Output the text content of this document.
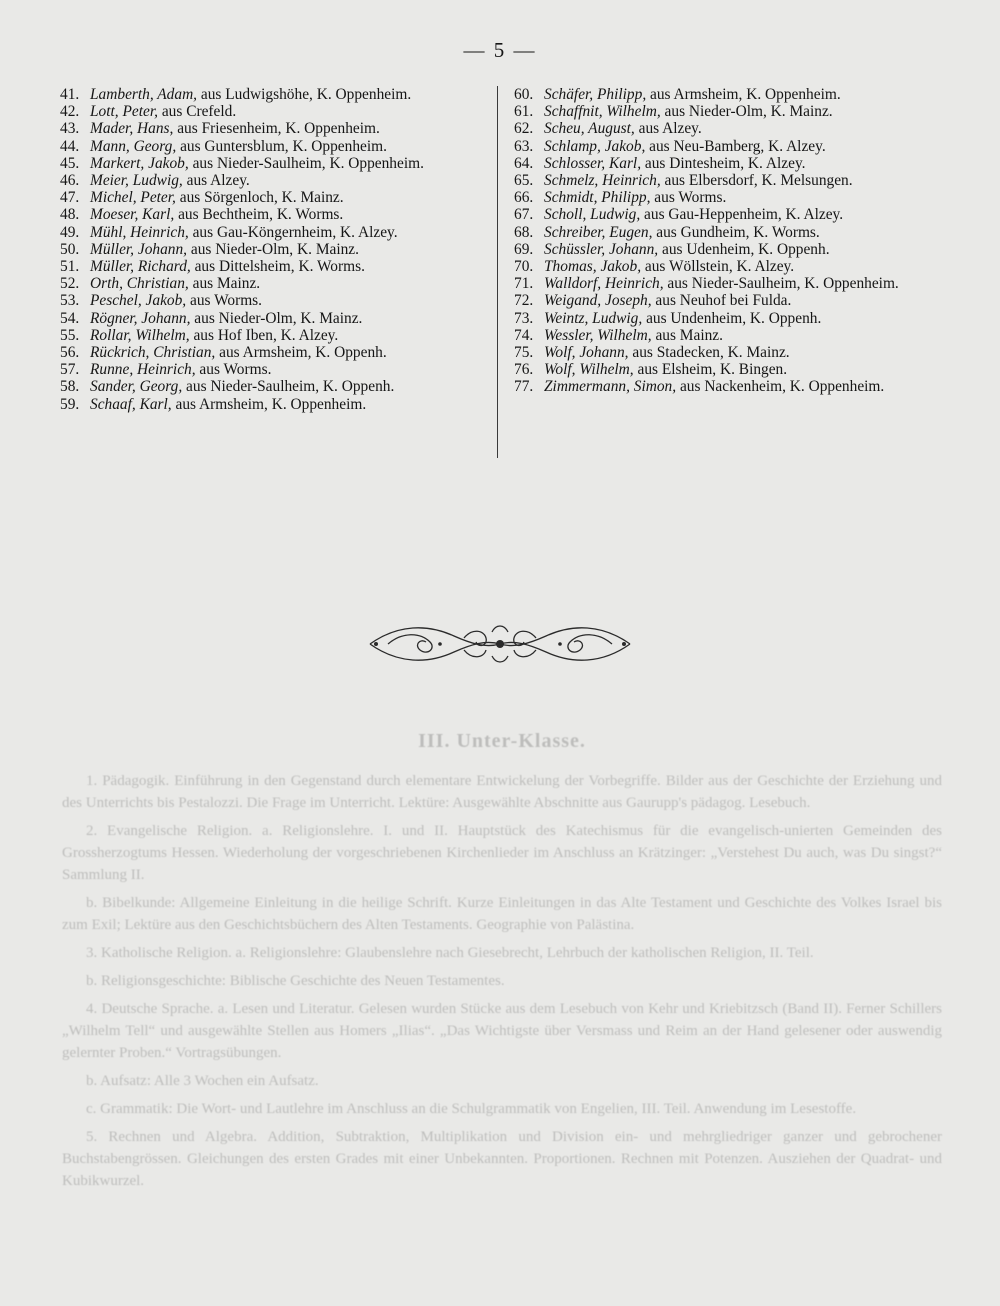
— 5 —
41. Lamberth, Adam, aus Ludwigshöhe, K. Oppenheim.
42. Lott, Peter, aus Crefeld.
43. Mader, Hans, aus Friesenheim, K. Oppenheim.
44. Mann, Georg, aus Guntersblum, K. Oppenheim.
45. Markert, Jakob, aus Nieder-Saulheim, K. Oppenheim.
46. Meier, Ludwig, aus Alzey.
47. Michel, Peter, aus Sörgenloch, K. Mainz.
48. Moeser, Karl, aus Bechtheim, K. Worms.
49. Mühl, Heinrich, aus Gau-Köngernheim, K. Alzey.
50. Müller, Johann, aus Nieder-Olm, K. Mainz.
51. Müller, Richard, aus Dittelsheim, K. Worms.
52. Orth, Christian, aus Mainz.
53. Peschel, Jakob, aus Worms.
54. Rögner, Johann, aus Nieder-Olm, K. Mainz.
55. Rollar, Wilhelm, aus Hof Iben, K. Alzey.
56. Rückrich, Christian, aus Armsheim, K. Oppenh.
57. Runne, Heinrich, aus Worms.
58. Sander, Georg, aus Nieder-Saulheim, K. Oppenh.
59. Schaaf, Karl, aus Armsheim, K. Oppenheim.
60. Schäfer, Philipp, aus Armsheim, K. Oppenheim.
61. Schaffnit, Wilhelm, aus Nieder-Olm, K. Mainz.
62. Scheu, August, aus Alzey.
63. Schlamp, Jakob, aus Neu-Bamberg, K. Alzey.
64. Schlosser, Karl, aus Dintesheim, K. Alzey.
65. Schmelz, Heinrich, aus Elbersdorf, K. Melsungen.
66. Schmidt, Philipp, aus Worms.
67. Scholl, Ludwig, aus Gau-Heppenheim, K. Alzey.
68. Schreiber, Eugen, aus Gundheim, K. Worms.
69. Schüssler, Johann, aus Udenheim, K. Oppenh.
70. Thomas, Jakob, aus Wöllstein, K. Alzey.
71. Walldorf, Heinrich, aus Nieder-Saulheim, K. Oppenheim.
72. Weigand, Joseph, aus Neuhof bei Fulda.
73. Weintz, Ludwig, aus Undenheim, K. Oppenh.
74. Wessler, Wilhelm, aus Mainz.
75. Wolf, Johann, aus Stadecken, K. Mainz.
76. Wolf, Wilhelm, aus Elsheim, K. Bingen.
77. Zimmermann, Simon, aus Nackenheim, K. Oppenheim.
III. Unter-Klasse.

1. Pädagogik. Einführung in den Gegenstand durch elementare Entwickelung der Vorbegriffe. Bilder aus der Geschichte der Erziehung und des Unterrichts bis Pestalozzi. Die Frage im Unterricht. Lektüre: Ausgewählte Abschnitte aus Gaurupp's pädagog. Lesebuch.

2. Evangelische Religion. a. Religionslehre. I. und II. Hauptstück des Katechismus für die evangelisch-unierten Gemeinden des Grossherzogtums Hessen. Wiederholung der vorgeschriebenen Kirchenlieder im Anschluss an Krätzinger: „Verstehest Du auch, was Du singst?“ Sammlung II.

b. Bibelkunde: Allgemeine Einleitung in die heilige Schrift. Kurze Einleitungen in das Alte Testament und Geschichte des Volkes Israel bis zum Exil; Lektüre aus den Geschichtsbüchern des Alten Testaments. Geographie von Palästina.

3. Katholische Religion. a. Religionslehre: Glaubenslehre nach Giesebrecht, Lehrbuch der katholischen Religion, II. Teil.

b. Religionsgeschichte: Biblische Geschichte des Neuen Testamentes.

4. Deutsche Sprache. a. Lesen und Literatur. Gelesen wurden Stücke aus dem Lesebuch von Kehr und Kriebitzsch (Band II). Ferner Schillers „Wilhelm Tell“ und ausgewählte Stellen aus Homers „Ilias“. „Das Wichtigste über Versmass und Reim an der Hand gelesener oder auswendig gelernter Proben.“ Vortragsübungen.

b. Aufsatz: Alle 3 Wochen ein Aufsatz.

c. Grammatik: Die Wort- und Lautlehre im Anschluss an die Schulgrammatik von Engelien, III. Teil. Anwendung im Lesestoffe.

5. Rechnen und Algebra. Addition, Subtraktion, Multiplikation und Division ein- und mehrgliedriger ganzer und gebrochener Buchstabengrössen. Gleichungen des ersten Grades mit einer Unbekannten. Proportionen. Rechnen mit Potenzen. Ausziehen der Quadrat- und Kubikwurzel.
